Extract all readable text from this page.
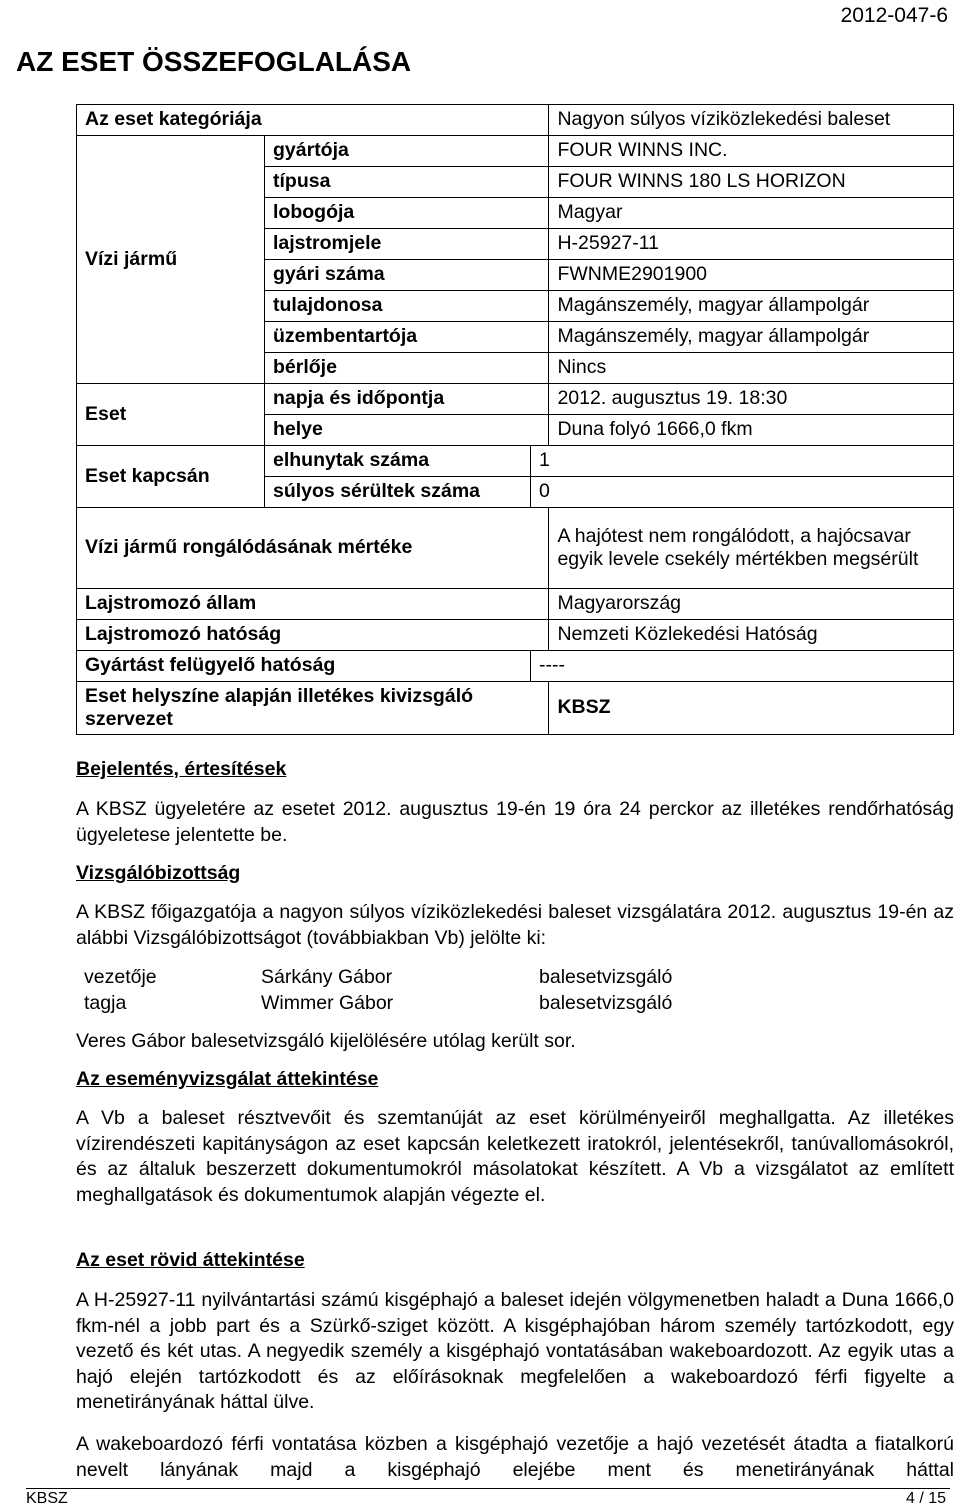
2012-047-6
AZ ESET ÖSSZEFOGLALÁSA
Az eset kategóriája			Nagyon súlyos víziközlekedési baleset
Vízi jármű	gyártója		FOUR WINNS INC.
	típusa		FOUR WINNS 180 LS HORIZON
	lobogója		Magyar
	lajstromjele		H-25927-11
	gyári száma		FWNME2901900
	tulajdonosa		Magánszemély, magyar állampolgár
	üzembentartója		Magánszemély, magyar állampolgár
	bérlője		Nincs
Eset	napja és időpontja		2012. augusztus 19. 18:30
	helye		Duna folyó 1666,0 fkm
Eset kapcsán	elhunytak száma	1	
	súlyos sérültek száma	0	
Vízi jármű rongálódásának mértéke			A hajótest nem rongálódott, a hajócsavar egyik levele csekély mértékben megsérült
Lajstromozó állam			Magyarország
Lajstromozó hatóság			Nemzeti Közlekedési Hatóság
Gyártást felügyelő hatóság		----	
Eset helyszíne alapján illetékes kivizsgáló szervezet			KBSZ
Bejelentés, értesítések

A KBSZ ügyeletére az esetet 2012. augusztus 19-én 19 óra 24 perckor az illetékes rendőrhatóság ügyeletese jelentette be.

Vizsgálóbizottság

A KBSZ főigazgatója a nagyon súlyos víziközlekedési baleset vizsgálatára 2012. augusztus 19-én az alábbi Vizsgálóbizottságot (továbbiakban Vb) jelölte ki:

vezetője	Sárkány Gábor	balesetvizsgáló
tagja	Wimmer Gábor	balesetvizsgáló

Veres Gábor balesetvizsgáló kijelölésére utólag került sor.

Az eseményvizsgálat áttekintése

A Vb a baleset résztvevőit és szemtanúját az eset körülményeiről meghallgatta. Az illetékes vízirendészeti kapitányságon az eset kapcsán keletkezett iratokról, jelentésekről, tanúvallomásokról, és az általuk beszerzett dokumentumokról másolatokat készített. A Vb a vizsgálatot az említett meghallgatások és dokumentumok alapján végezte el.

Az eset rövid áttekintése

A H-25927-11 nyilvántartási számú kisgéphajó a baleset idején völgymenetben haladt a Duna 1666,0 fkm-nél a jobb part és a Szürkő-sziget között. A kisgéphajóban három személy tartózkodott, egy vezető és két utas. A negyedik személy a kisgéphajó vontatásában wakeboardozott. Az egyik utas a hajó elején tartózkodott és az előírásoknak megfelelően a wakeboardozó férfi figyelte a menetirányának háttal ülve.

A wakeboardozó férfi vontatása közben a kisgéphajó vezetője a hajó vezetését átadta a fiatalkorú nevelt lányának majd a kisgéphajó elejébe ment és menetirányának háttal

KBSZ	4 / 15
